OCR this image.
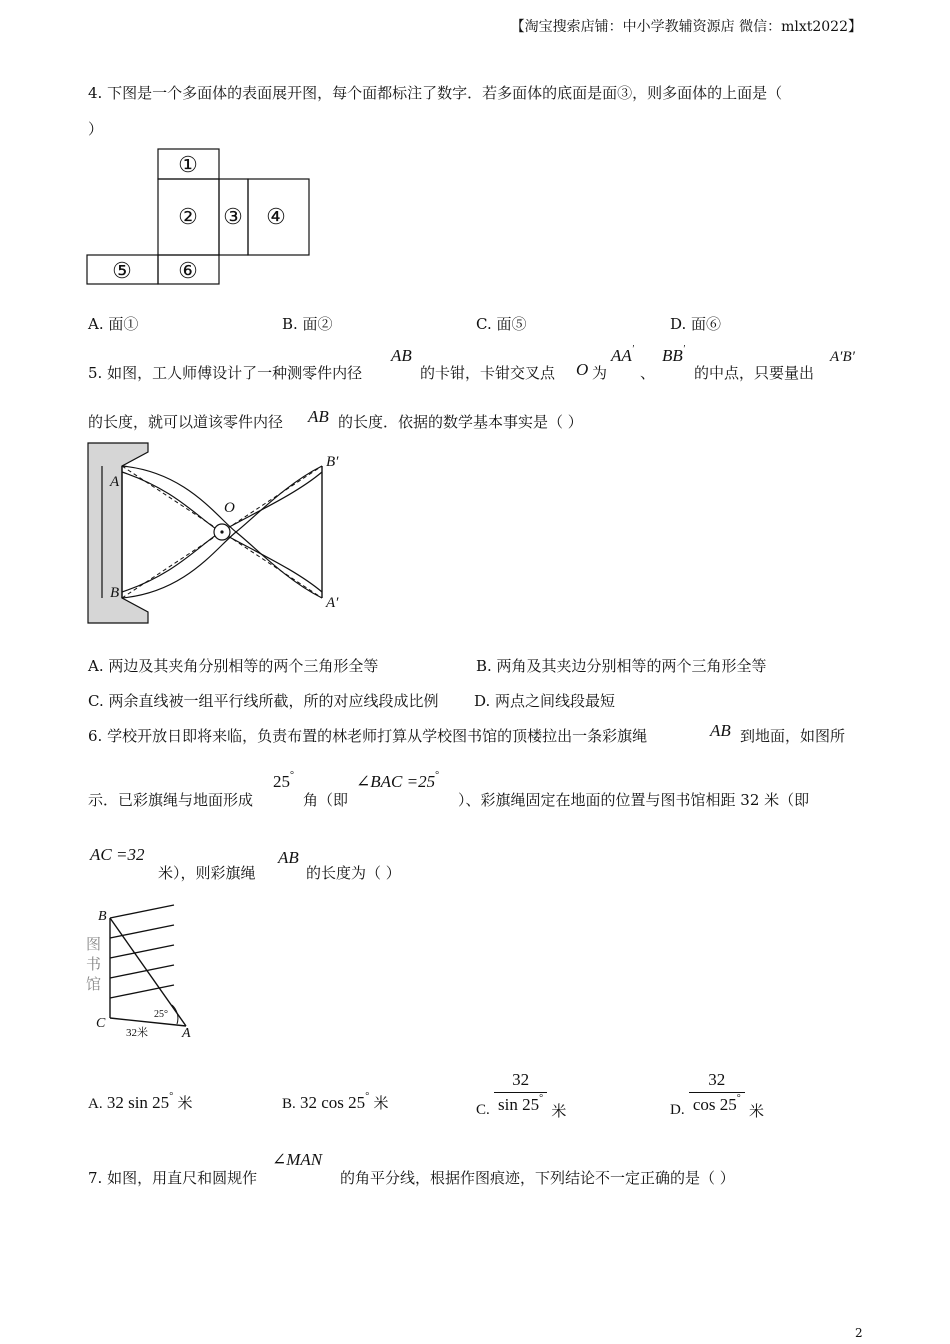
【淘宝搜索店铺：中小学教辅资源店 微信：mlxt2022】
4. 下图是一个多面体的表面展开图，每个面都标注了数字．若多面体的底面是面③，则多面体的上面是（
）
①
② ③ ④
⑤ ⑥
A. 面①	B. 面②	C. 面⑤	D. 面⑥
5. 如图，工人师傅设计了一种测零件内径
AB
的卡钳，卡钳交叉点 O 为
AA′
、
BB′
的中点，只要量出
A′B′
的长度，就可以道该零件内径 AB 的长度．依据的数学基本事实是（ ）
A
B
O
B′
A′
A. 两边及其夹角分别相等的两个三角形全等	B. 两角及其夹边分别相等的两个三角形全等
C. 两余直线被一组平行线所截，所的对应线段成比例 D. 两点之间线段最短
6. 学校开放日即将来临，负责布置的林老师打算从学校图书馆的顶楼拉出一条彩旗绳	AB 到地面，如图所
示．已彩旗绳与地面形成
25°
角（即
∠BAC =25°
）、彩旗绳固定在地面的位置与图书馆相距 32 米（即
AC =32
米），则彩旗绳
AB
的长度为（ ）
B
C
A
25°
32米
图书馆
A. 32 sin 25° 米	B. 32 cos 25° 米	C. $\frac{32}{\sin 25^\circ}$ 米	D. $\frac{32}{\cos 25^\circ}$ 米
7. 如图，用直尺和圆规作
∠MAN
的角平分线，根据作图痕迹，下列结论不一定正确的是（ ）
2
